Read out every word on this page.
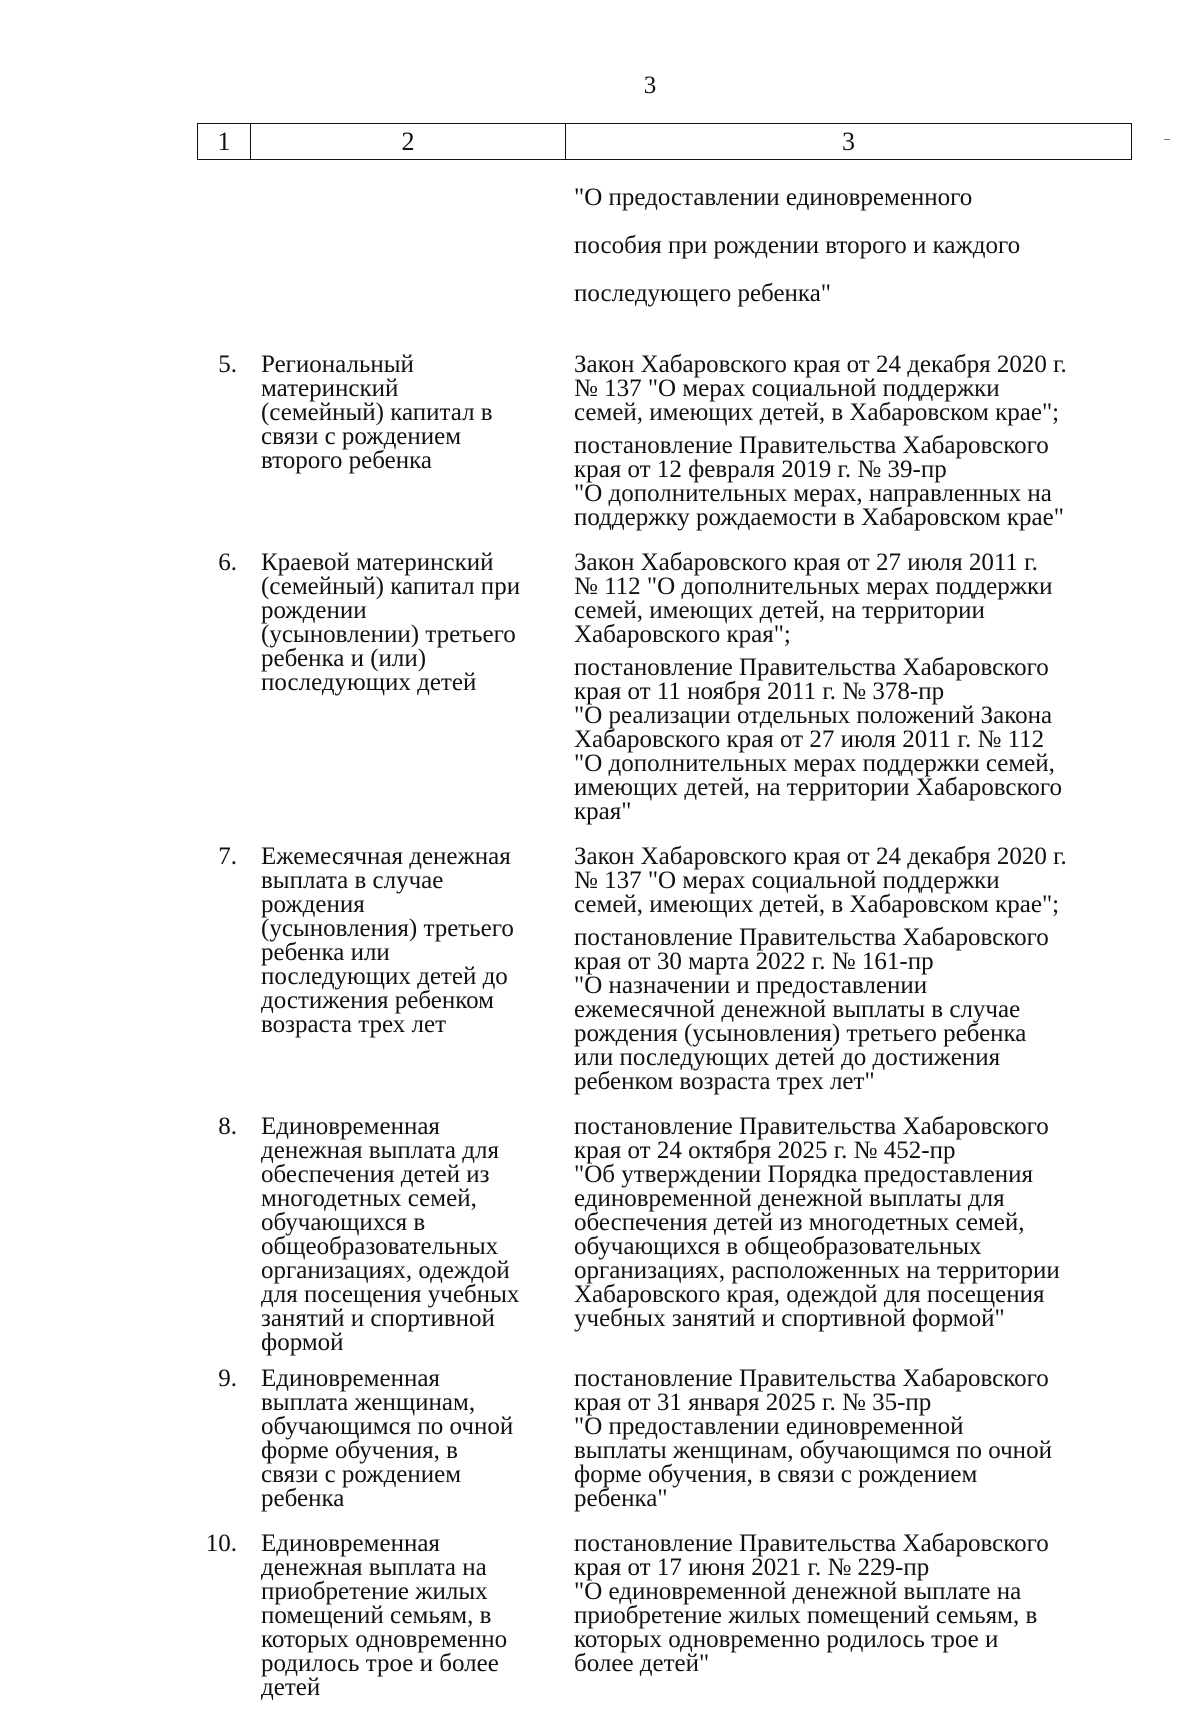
3
1	2	3

"О предоставлении единовременного

пособия при рождении второго и каждого

последующего ребенка"

5. Региональный
материнский
(семейный) капитал в
связи с рождением
второго ребенка
Закон Хабаровского края от 24 декабря 2020 г.
№ 137 "О мерах социальной поддержки
семей, имеющих детей, в Хабаровском крае";
постановление Правительства Хабаровского
края от 12 февраля 2019 г. № 39-пр
"О дополнительных мерах, направленных на
поддержку рождаемости в Хабаровском крае"
6. Краевой материнский
(семейный) капитал при
рождении
(усыновлении) третьего
ребенка и (или)
последующих детей
Закон Хабаровского края от 27 июля 2011 г.
№ 112 "О дополнительных мерах поддержки
семей, имеющих детей, на территории
Хабаровского края";
постановление Правительства Хабаровского
края от 11 ноября 2011 г. № 378-пр
"О реализации отдельных положений Закона
Хабаровского края от 27 июля 2011 г. № 112
"О дополнительных мерах поддержки семей,
имеющих детей, на территории Хабаровского
края"
7. Ежемесячная денежная
выплата в случае
рождения
(усыновления) третьего
ребенка или
последующих детей до
достижения ребенком
возраста трех лет
Закон Хабаровского края от 24 декабря 2020 г.
№ 137 "О мерах социальной поддержки
семей, имеющих детей, в Хабаровском крае";
постановление Правительства Хабаровского
края от 30 марта 2022 г. № 161-пр
"О назначении и предоставлении
ежемесячной денежной выплаты в случае
рождения (усыновления) третьего ребенка
или последующих детей до достижения
ребенком возраста трех лет"
8. Единовременная
денежная выплата для
обеспечения детей из
многодетных семей,
обучающихся в
общеобразовательных
организациях, одеждой
для посещения учебных
занятий и спортивной
формой
постановление Правительства Хабаровского
края от 24 октября 2025 г. № 452-пр
"Об утверждении Порядка предоставления
единовременной денежной выплаты для
обеспечения детей из многодетных семей,
обучающихся в общеобразовательных
организациях, расположенных на территории
Хабаровского края, одеждой для посещения
учебных занятий и спортивной формой"
9. Единовременная
выплата женщинам,
обучающимся по очной
форме обучения, в
связи с рождением
ребенка
постановление Правительства Хабаровского
края от 31 января 2025 г. № 35-пр
"О предоставлении единовременной
выплаты женщинам, обучающимся по очной
форме обучения, в связи с рождением
ребенка"
10. Единовременная
денежная выплата на
приобретение жилых
помещений семьям, в
которых одновременно
родилось трое и более
детей
постановление Правительства Хабаровского
края от 17 июня 2021 г. № 229-пр
"О единовременной денежной выплате на
приобретение жилых помещений семьям, в
которых одновременно родилось трое и
более детей"
